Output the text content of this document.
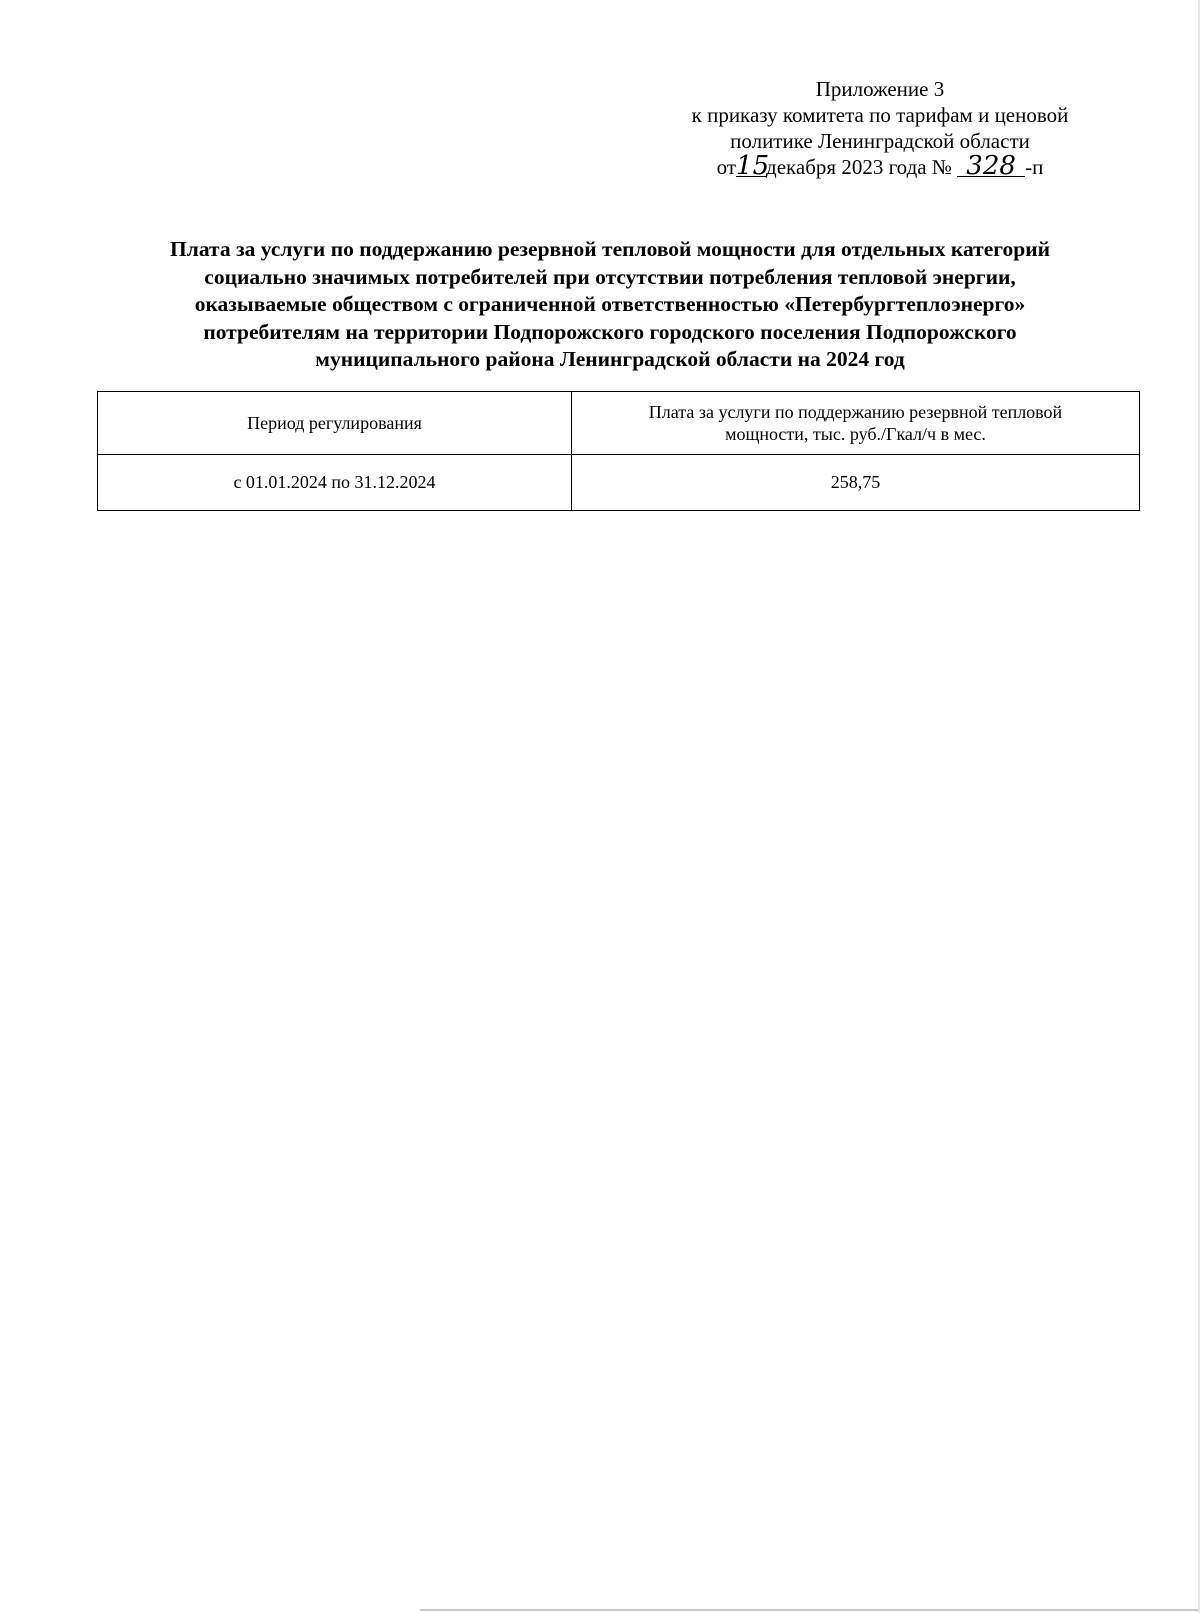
Приложение 3
к приказу комитета по тарифам и ценовой
политике Ленинградской области
от15декабря 2023 года № 328 -п
Плата за услуги по поддержанию резервной тепловой мощности для отдельных категорий
социально значимых потребителей при отсутствии потребления тепловой энергии,
оказываемые обществом с ограниченной ответственностью «Петербургтеплоэнерго»
потребителям на территории Подпорожского городского поселения Подпорожского
муниципального района Ленинградской области на 2024 год
Период регулирования	Плата за услуги по поддержанию резервной тепловой
мощности, тыс. руб./Гкал/ч в мес.

с 01.01.2024 по 31.12.2024	258,75
